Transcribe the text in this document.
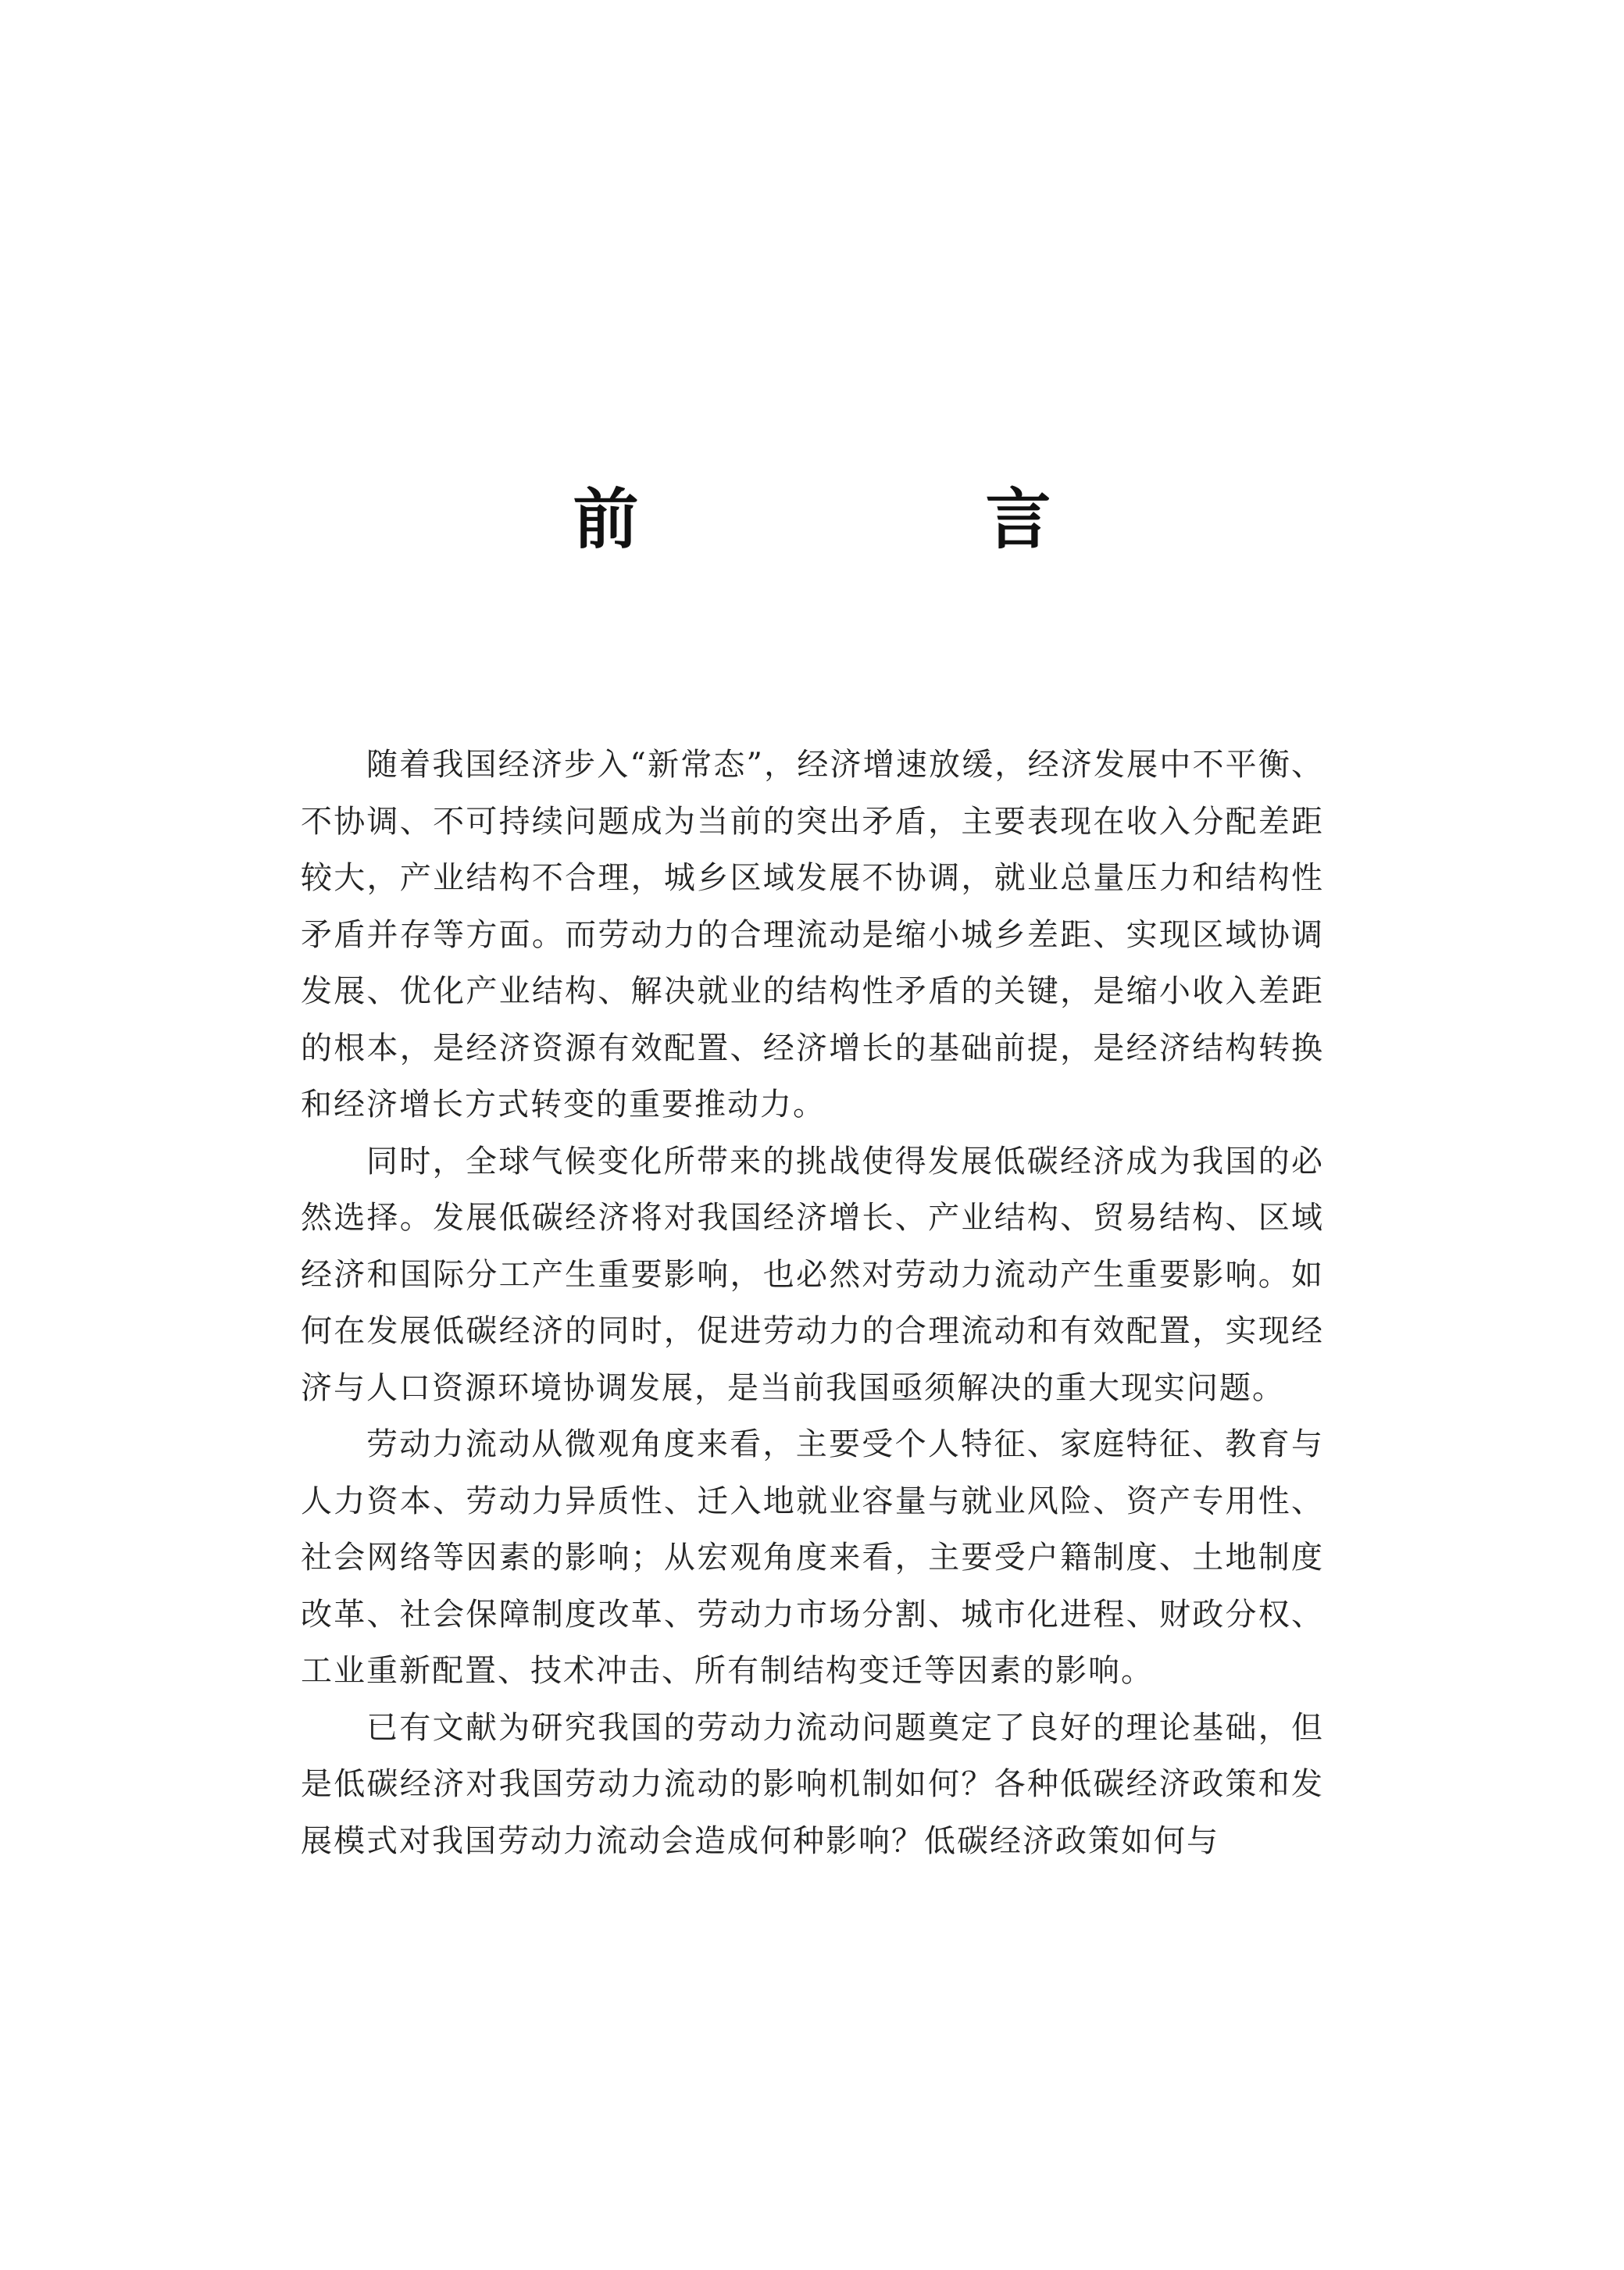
前　言

随着我国经济步入“新常态”，经济增速放缓，经济发展中不平衡、不协调、不可持续问题成为当前的突出矛盾，主要表现在收入分配差距较大，产业结构不合理，城乡区域发展不协调，就业总量压力和结构性矛盾并存等方面。而劳动力的合理流动是缩小城乡差距、实现区域协调发展、优化产业结构、解决就业的结构性矛盾的关键，是缩小收入差距的根本，是经济资源有效配置、经济增长的基础前提，是经济结构转换和经济增长方式转变的重要推动力。

同时，全球气候变化所带来的挑战使得发展低碳经济成为我国的必然选择。发展低碳经济将对我国经济增长、产业结构、贸易结构、区域经济和国际分工产生重要影响，也必然对劳动力流动产生重要影响。如何在发展低碳经济的同时，促进劳动力的合理流动和有效配置，实现经济与人口资源环境协调发展，是当前我国亟须解决的重大现实问题。

劳动力流动从微观角度来看，主要受个人特征、家庭特征、教育与人力资本、劳动力异质性、迁入地就业容量与就业风险、资产专用性、社会网络等因素的影响；从宏观角度来看，主要受户籍制度、土地制度改革、社会保障制度改革、劳动力市场分割、城市化进程、财政分权、工业重新配置、技术冲击、所有制结构变迁等因素的影响。

已有文献为研究我国的劳动力流动问题奠定了良好的理论基础，但是低碳经济对我国劳动力流动的影响机制如何？各种低碳经济政策和发展模式对我国劳动力流动会造成何种影响？低碳经济政策如何与
